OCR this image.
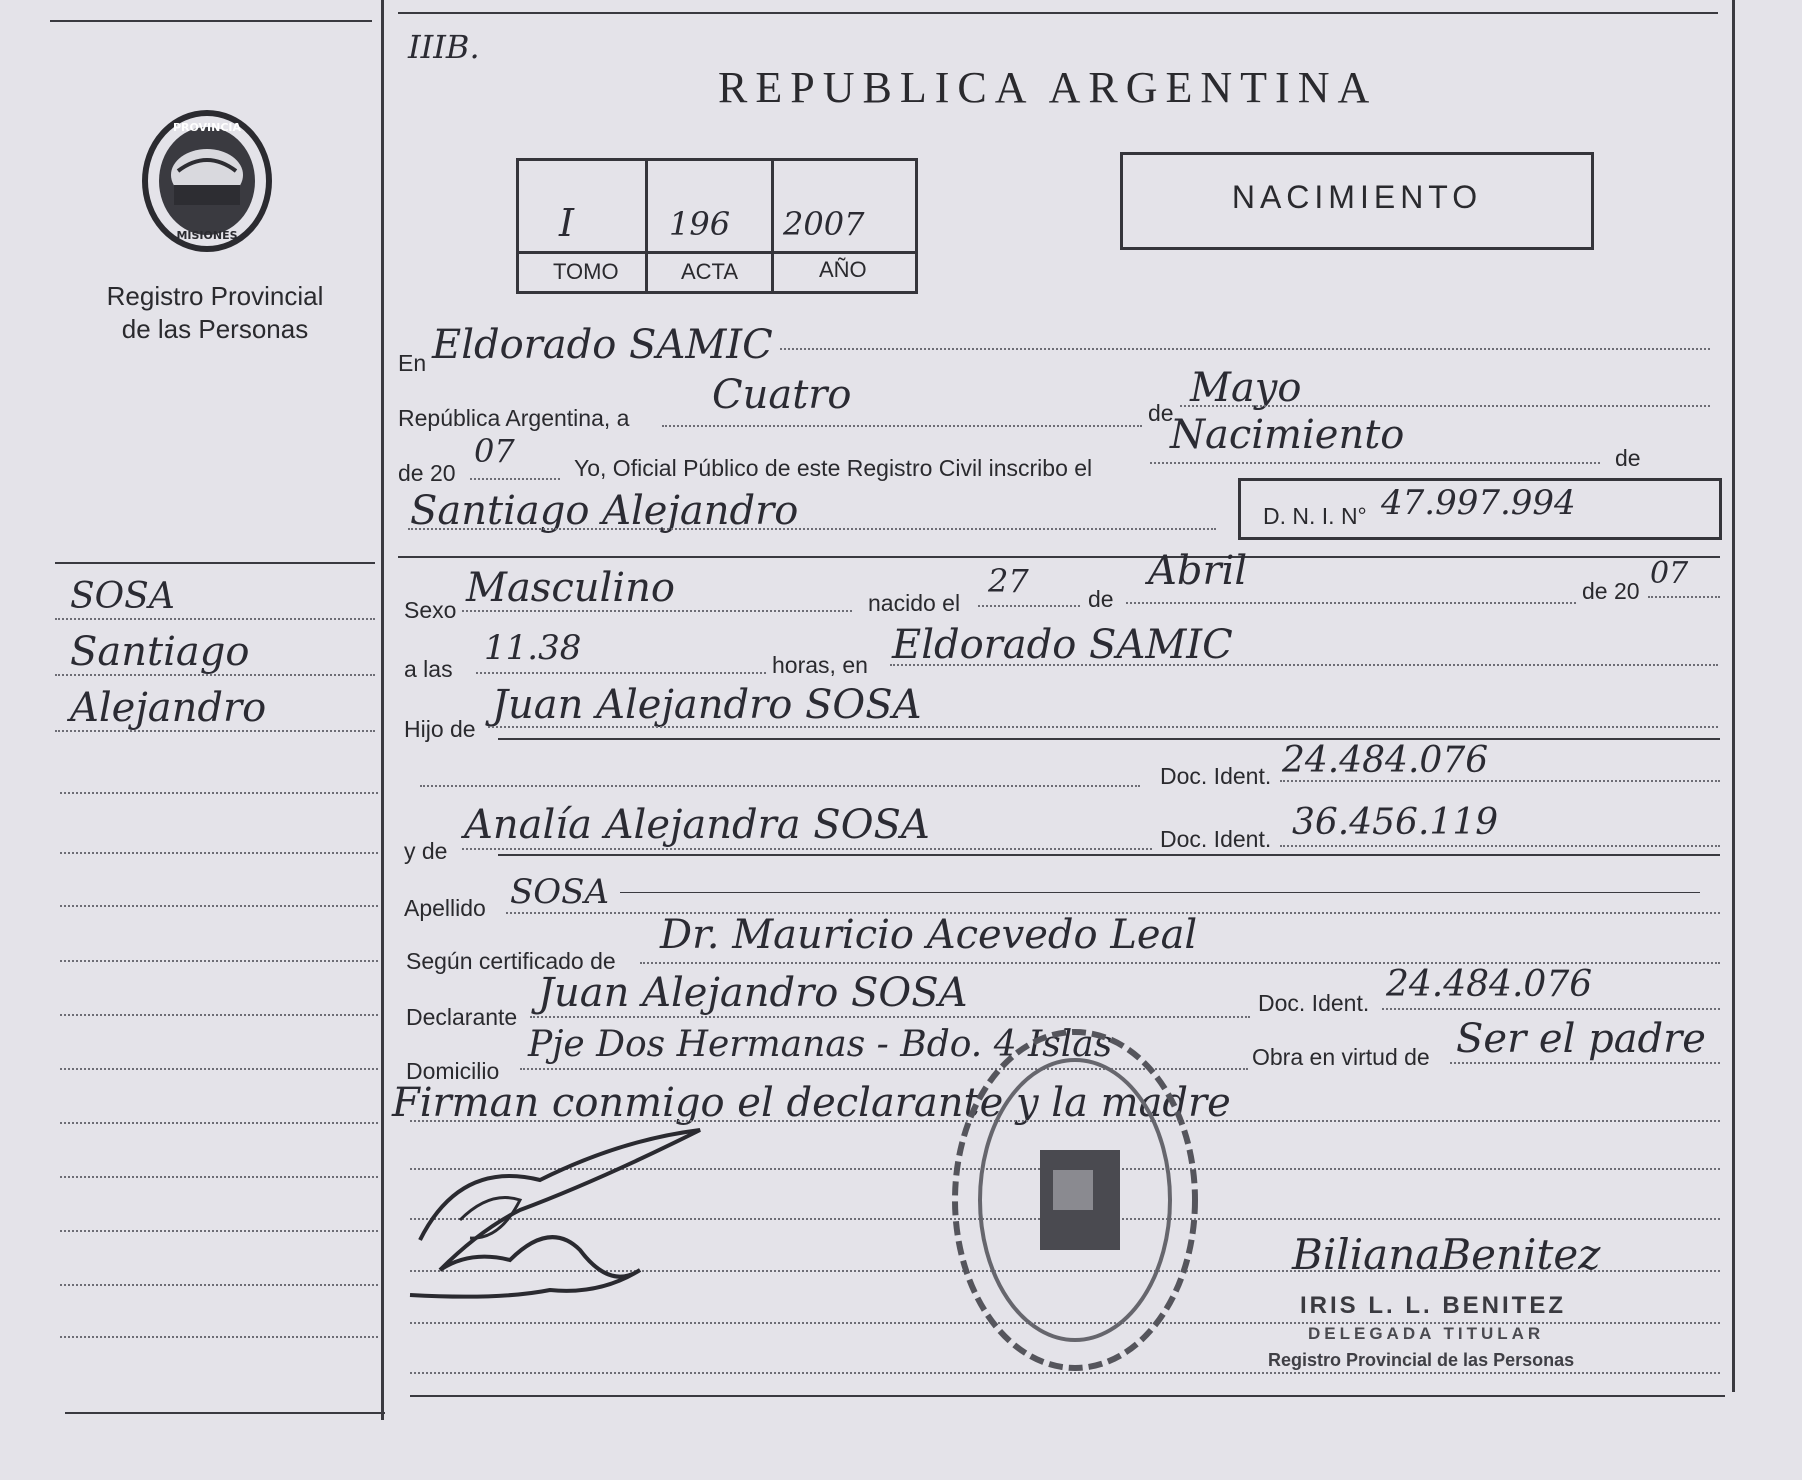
PROVINCIA
MISIONES
Registro Provincial
de las Personas
SOSA
Santiago
Alejandro
IIIB.
REPUBLICA ARGENTINA
I	196 2007
TOMO	ACTA	AÑO
NACIMIENTO
En Eldorado SAMIC
República Argentina, a Cuatro	de
Mayo
de 20
07	Yo, Oficial Público de este Registro Civil inscribo el
Nacimiento	de
Santiago Alejandro	D. N. I. N° 47.997.994
Sexo Masculino	nacido el
27	de
Abril	de 20 07
a las
11.38	horas, en Eldorado SAMIC
Hijo de
Juan Alejandro SOSA
Doc. Ident. 24.484.076
y de
Analía Alejandra SOSA	Doc. Ident. 36.456.119
Apellido SOSA
Según certificado de
Dr. Mauricio Acevedo Leal
Declarante
Juan Alejandro SOSA	Doc. Ident. 24.484.076
Domicilio
Pje Dos Hermanas - Bdo. 4 Islas	Obra en virtud de Ser el padre
Firman conmigo el declarante y la madre
BilianaBenitez
IRIS L. L. BENITEZ
DELEGADA TITULAR
Registro Provincial de las Personas
